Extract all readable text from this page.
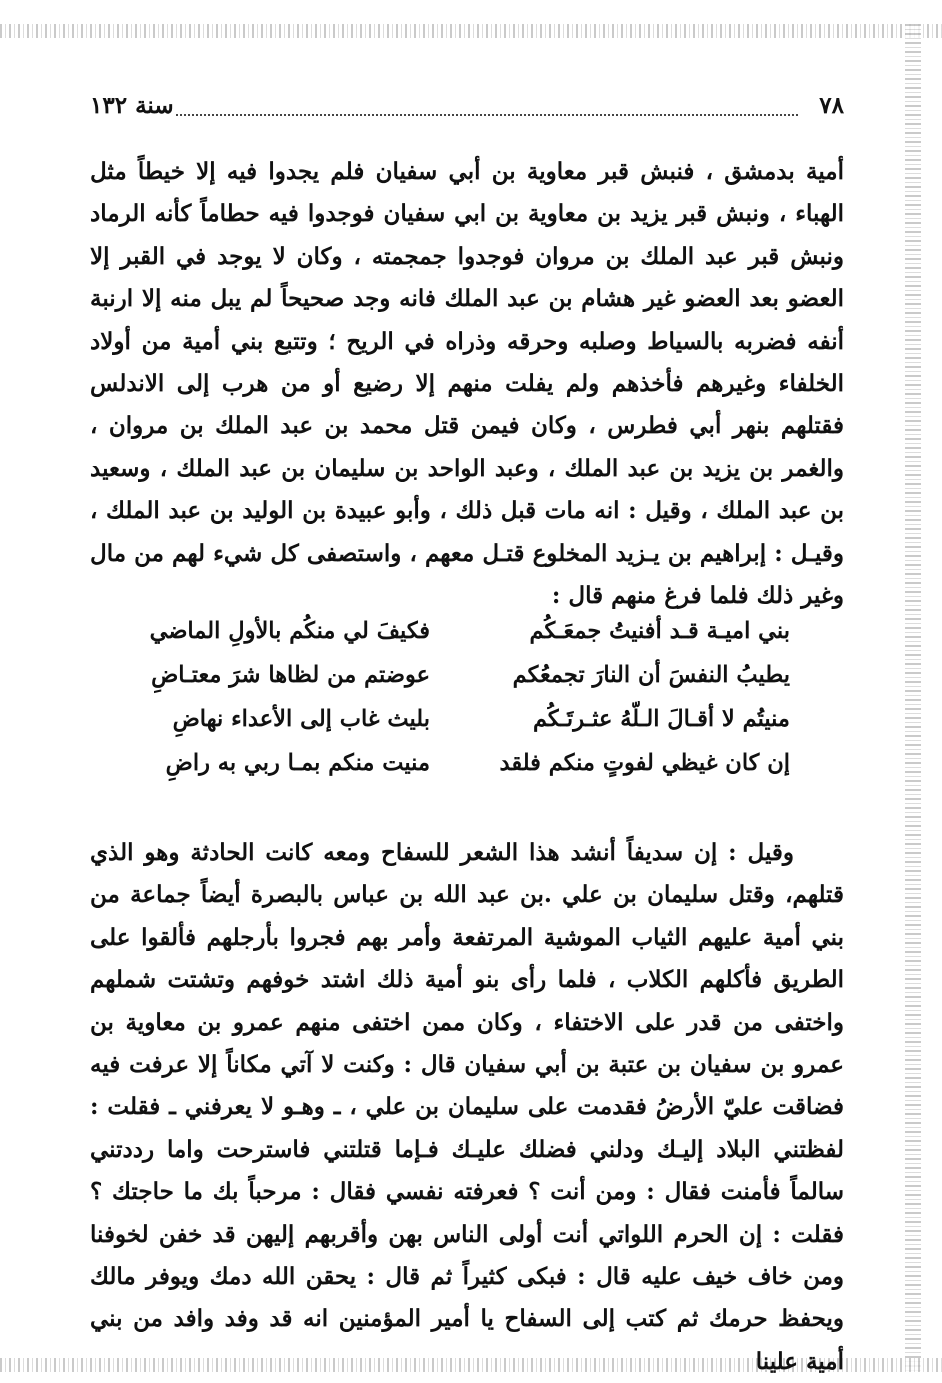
٧٨
سنة ١٣٢

أمية بدمشق ، فنبش قبر معاوية بن أبي سفيان فلم يجدوا فيه إلا خيطاً مثل الهباء ، ونبش قبر يزيد بن معاوية بن ابي سفيان فوجدوا فيه حطاماً كأنه الرماد ونبش قبر عبد الملك بن مروان فوجدوا جمجمته ، وكان لا يوجد في القبر إلا العضو بعد العضو غير هشام بن عبد الملك فانه وجد صحيحاً لم يبل منه إلا ارنبة أنفه فضربه بالسياط وصلبه وحرقه وذراه في الريح ؛ وتتبع بني أمية من أولاد الخلفاء وغيرهم فأخذهم ولم يفلت منهم إلا رضيع أو من هرب إلى الاندلس فقتلهم بنهر أبي فطرس ، وكان فيمن قتل محمد بن عبد الملك بن مروان ، والغمر بن يزيد بن عبد الملك ، وعبد الواحد بن سليمان بن عبد الملك ، وسعيد بن عبد الملك ، وقيل : انه مات قبل ذلك ، وأبو عبيدة بن الوليد بن عبد الملك ، وقيـل : إبراهيم بن يـزيد المخلوع قتـل معهم ، واستصفى كل شيء لهم من مال وغير ذلك فلما فرغ منهم قال :

بني اميـة قـد أفنيتُ جمعَـكُم
فكيفَ لي منكُم بالأولِ الماضي
يطيبُ النفسَ أن النارَ تجمعُكم
عوضتم من لظاها شرَ معتـاضِ
منيتُم لا أقـالَ الـلّهُ عثـرتَـكُم
بليث غاب إلى الأعداء نهاضِ
إن كان غيظي لفوتٍ منكم فلقد
منيت منكم بمـا ربي به راضِ

وقيل : إن سديفاً أنشد هذا الشعر للسفاح ومعه كانت الحادثة وهو الذي قتلهم، وقتل سليمان بن علي .بن عبد الله بن عباس بالبصرة أيضاً جماعة من بني أمية عليهم الثياب الموشية المرتفعة وأمر بهم فجروا بأرجلهم فألقوا على الطريق فأكلهم الكلاب ، فلما رأى بنو أمية ذلك اشتد خوفهم وتشتت شملهم واختفى من قدر على الاختفاء ، وكان ممن اختفى منهم عمرو بن معاوية بن عمرو بن سفيان بن عتبة بن أبي سفيان قال : وكنت لا آتي مكاناً إلا عرفت فيه فضاقت عليّ الأرضُ فقدمت على سليمان بن علي ، ـ وهـو لا يعرفني ـ فقلت : لفظتني البلاد إليـك ودلني فضلك عليـك فـإما قتلتني فاسترحت واما رددتني سالماً فأمنت فقال : ومن أنت ؟ فعرفته نفسي فقال : مرحباً بك ما حاجتك ؟ فقلت : إن الحرم اللواتي أنت أولى الناس بهن وأقربهم إليهن قد خفن لخوفنا ومن خاف خيف عليه قال : فبكى كثيراً ثم قال : يحقن الله دمك ويوفر مالك ويحفظ حرمك ثم كتب إلى السفاح يا أمير المؤمنين انه قد وفد وافد من بني أمية علينا
